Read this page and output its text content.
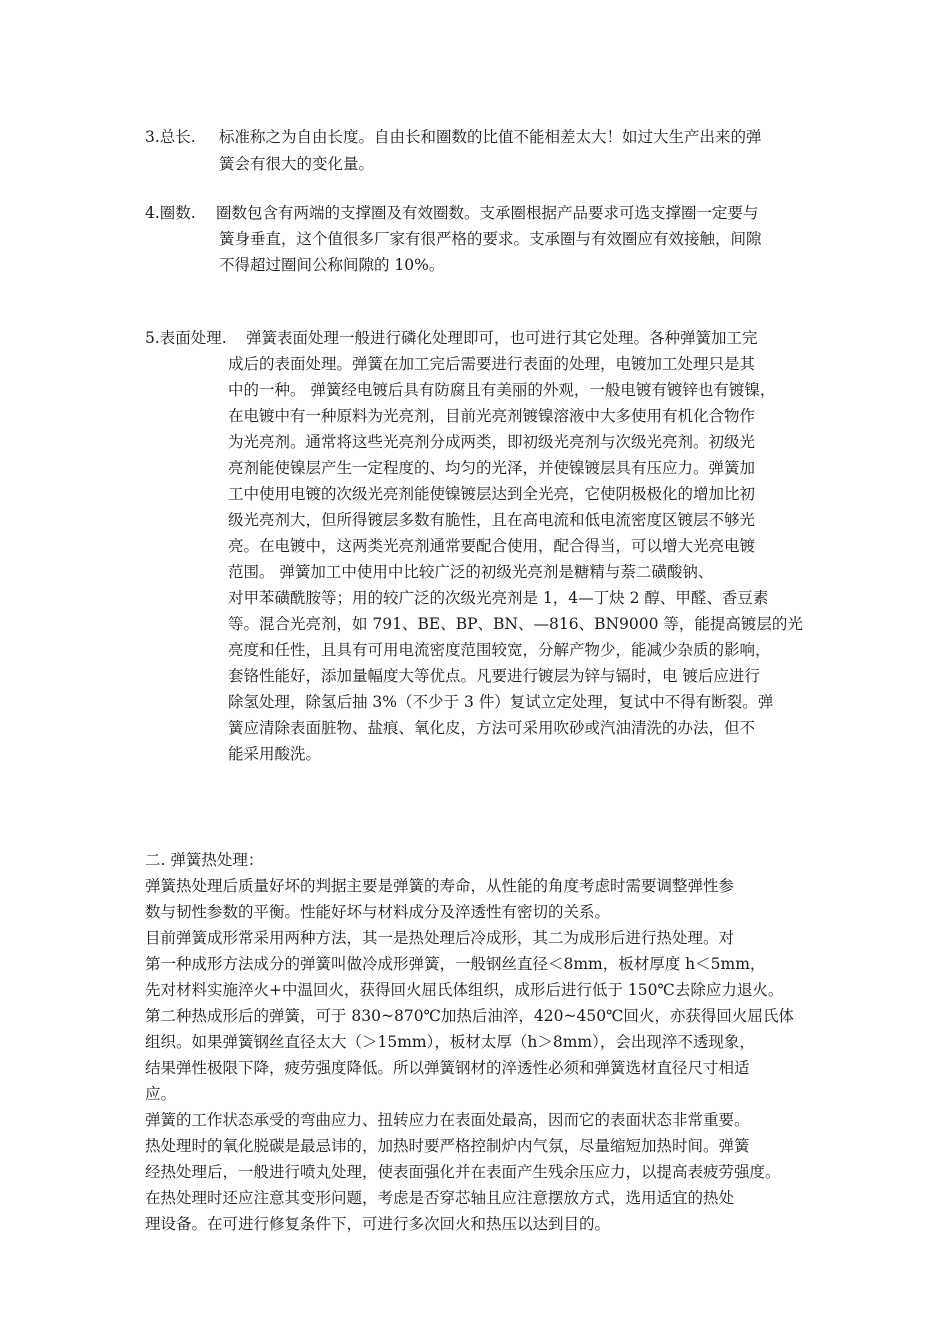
3.总长. 标准称之为自由长度。自由长和圈数的比值不能相差太大！如过大生产出来的弹
簧会有很大的变化量。
4.圈数. 圈数包含有两端的支撑圈及有效圈数。支承圈根据产品要求可选支撑圈一定要与
簧身垂直，这个值很多厂家有很严格的要求。支承圈与有效圈应有效接触，间隙
不得超过圈间公称间隙的 10%。
5.表面处理. 弹簧表面处理一般进行磷化处理即可，也可进行其它处理。各种弹簧加工完
成后的表面处理。弹簧在加工完后需要进行表面的处理，电镀加工处理只是其
中的一种。 弹簧经电镀后具有防腐且有美丽的外观，一般电镀有镀锌也有镀镍，
在电镀中有一种原料为光亮剂，目前光亮剂镀镍溶液中大多使用有机化合物作
为光亮剂。通常将这些光亮剂分成两类，即初级光亮剂与次级光亮剂。初级光
亮剂能使镍层产生一定程度的、均匀的光泽，并使镍镀层具有压应力。弹簧加
工中使用电镀的次级光亮剂能使镍镀层达到全光亮，它使阴极极化的增加比初
级光亮剂大，但所得镀层多数有脆性，且在高电流和低电流密度区镀层不够光
亮。在电镀中，这两类光亮剂通常要配合使用，配合得当，可以增大光亮电镀
范围。 弹簧加工中使用中比较广泛的初级光亮剂是糖精与萘二磺酸钠、
对甲苯磺酰胺等；用的较广泛的次级光亮剂是 1，4—丁炔 2 醇、甲醛、香豆素
等。混合光亮剂，如 791、BE、BP、BN、—816、BN9000 等，能提高镀层的光
亮度和任性，且具有可用电流密度范围较宽，分解产物少，能减少杂质的影响，
套铬性能好，添加量幅度大等优点。凡要进行镀层为锌与镉时，电 镀后应进行
除氢处理，除氢后抽 3%（不少于 3 件）复试立定处理，复试中不得有断裂。弹
簧应清除表面脏物、盐痕、氧化皮，方法可采用吹砂或汽油清洗的办法，但不
能采用酸洗。
二. 弹簧热处理：
弹簧热处理后质量好坏的判据主要是弹簧的寿命，从性能的角度考虑时需要调整弹性参
数与韧性参数的平衡。性能好坏与材料成分及淬透性有密切的关系。
目前弹簧成形常采用两种方法，其一是热处理后冷成形，其二为成形后进行热处理。对
第一种成形方法成分的弹簧叫做冷成形弹簧，一般钢丝直径＜8mm，板材厚度 h＜5mm，
先对材料实施淬火+中温回火，获得回火屈氏体组织，成形后进行低于 150℃去除应力退火。
第二种热成形后的弹簧，可于 830~870℃加热后油淬，420~450℃回火，亦获得回火屈氏体
组织。如果弹簧钢丝直径太大（＞15mm），板材太厚（h＞8mm），会出现淬不透现象，
结果弹性极限下降，疲劳强度降低。所以弹簧钢材的淬透性必须和弹簧选材直径尺寸相适
应。
弹簧的工作状态承受的弯曲应力、扭转应力在表面处最高，因而它的表面状态非常重要。
热处理时的氧化脱碳是最忌讳的，加热时要严格控制炉内气氛，尽量缩短加热时间。弹簧
经热处理后，一般进行喷丸处理，使表面强化并在表面产生残余压应力，以提高表疲劳强度。
在热处理时还应注意其变形问题，考虑是否穿芯轴且应注意摆放方式，选用适宜的热处
理设备。在可进行修复条件下，可进行多次回火和热压以达到目的。
